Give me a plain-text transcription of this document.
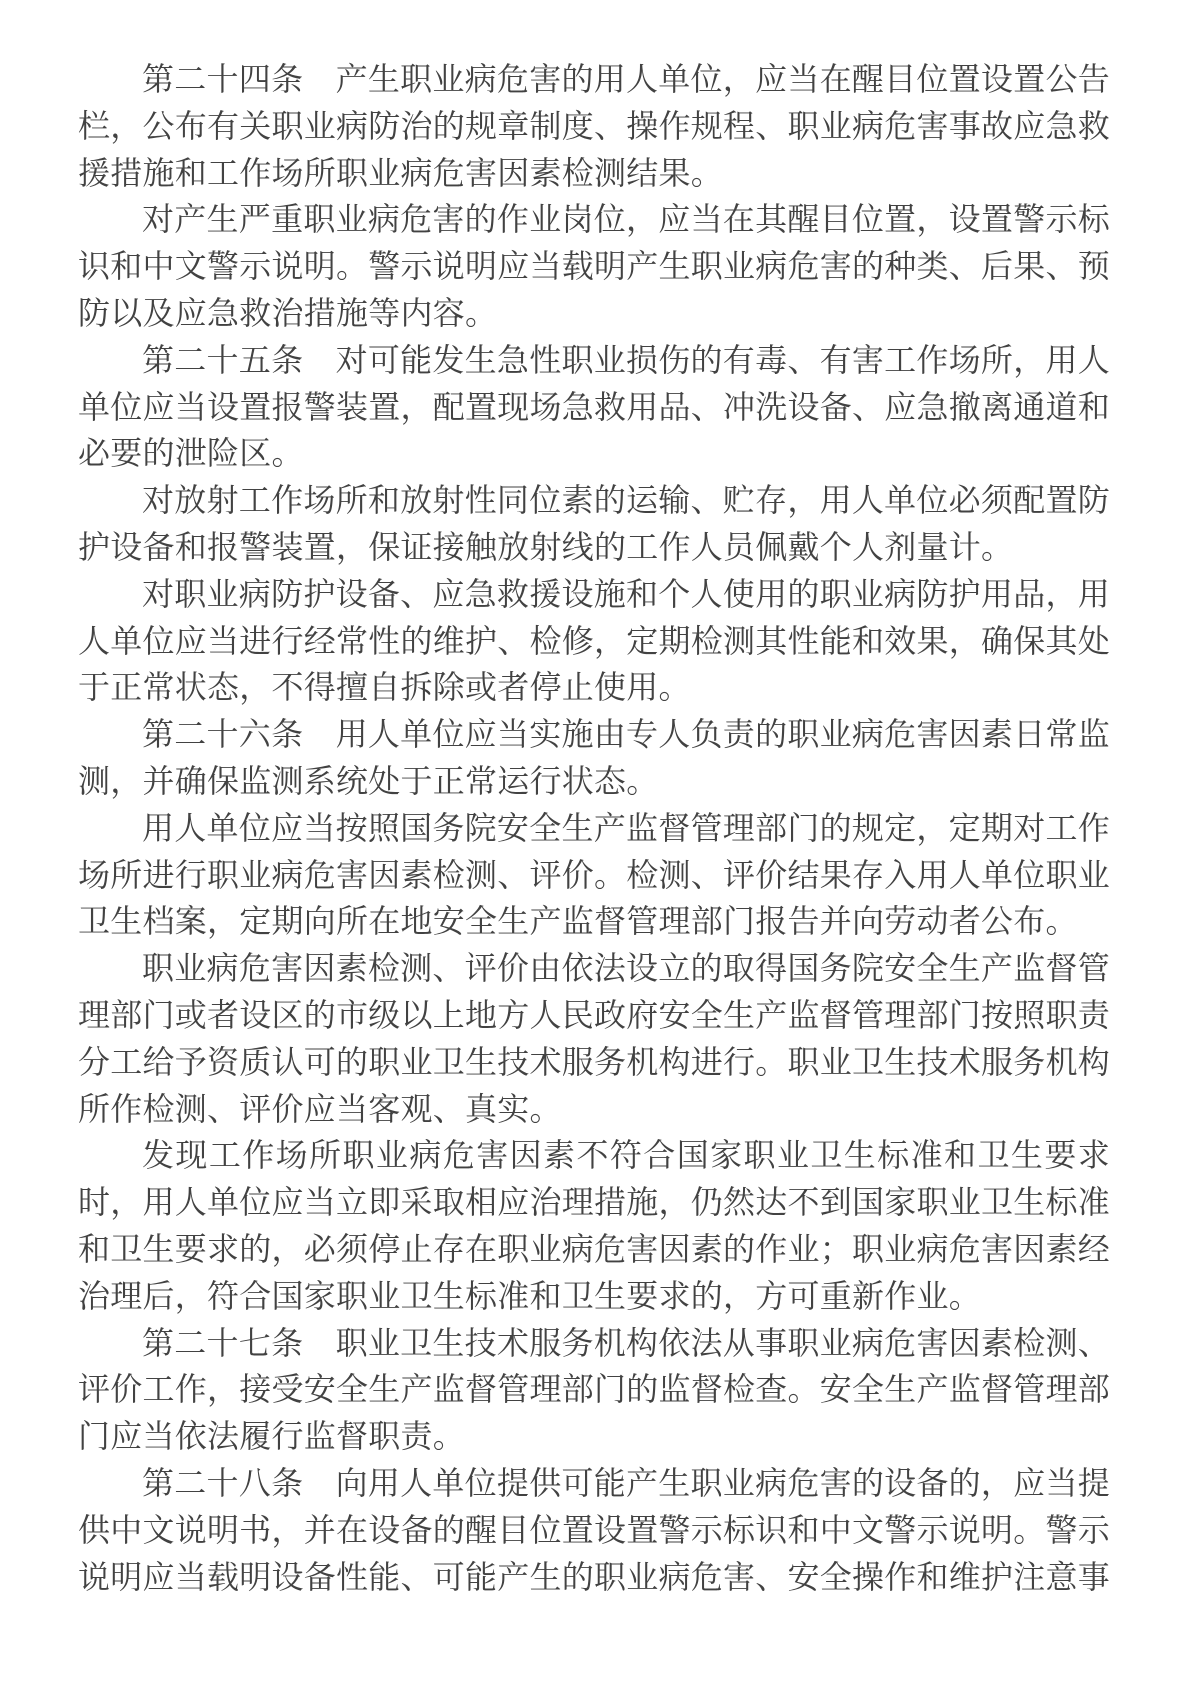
第二十四条　产生职业病危害的用人单位，应当在醒目位置设置公告栏，公布有关职业病防治的规章制度、操作规程、职业病危害事故应急救援措施和工作场所职业病危害因素检测结果。

对产生严重职业病危害的作业岗位，应当在其醒目位置，设置警示标识和中文警示说明。警示说明应当载明产生职业病危害的种类、后果、预防以及应急救治措施等内容。

第二十五条　对可能发生急性职业损伤的有毒、有害工作场所，用人单位应当设置报警装置，配置现场急救用品、冲洗设备、应急撤离通道和必要的泄险区。

对放射工作场所和放射性同位素的运输、贮存，用人单位必须配置防护设备和报警装置，保证接触放射线的工作人员佩戴个人剂量计。

对职业病防护设备、应急救援设施和个人使用的职业病防护用品，用人单位应当进行经常性的维护、检修，定期检测其性能和效果，确保其处于正常状态，不得擅自拆除或者停止使用。

第二十六条　用人单位应当实施由专人负责的职业病危害因素日常监测，并确保监测系统处于正常运行状态。

用人单位应当按照国务院安全生产监督管理部门的规定，定期对工作场所进行职业病危害因素检测、评价。检测、评价结果存入用人单位职业卫生档案，定期向所在地安全生产监督管理部门报告并向劳动者公布。

职业病危害因素检测、评价由依法设立的取得国务院安全生产监督管理部门或者设区的市级以上地方人民政府安全生产监督管理部门按照职责分工给予资质认可的职业卫生技术服务机构进行。职业卫生技术服务机构所作检测、评价应当客观、真实。

发现工作场所职业病危害因素不符合国家职业卫生标准和卫生要求时，用人单位应当立即采取相应治理措施，仍然达不到国家职业卫生标准和卫生要求的，必须停止存在职业病危害因素的作业；职业病危害因素经治理后，符合国家职业卫生标准和卫生要求的，方可重新作业。

第二十七条　职业卫生技术服务机构依法从事职业病危害因素检测、评价工作，接受安全生产监督管理部门的监督检查。安全生产监督管理部门应当依法履行监督职责。

第二十八条　向用人单位提供可能产生职业病危害的设备的，应当提供中文说明书，并在设备的醒目位置设置警示标识和中文警示说明。警示说明应当载明设备性能、可能产生的职业病危害、安全操作和维护注意事
